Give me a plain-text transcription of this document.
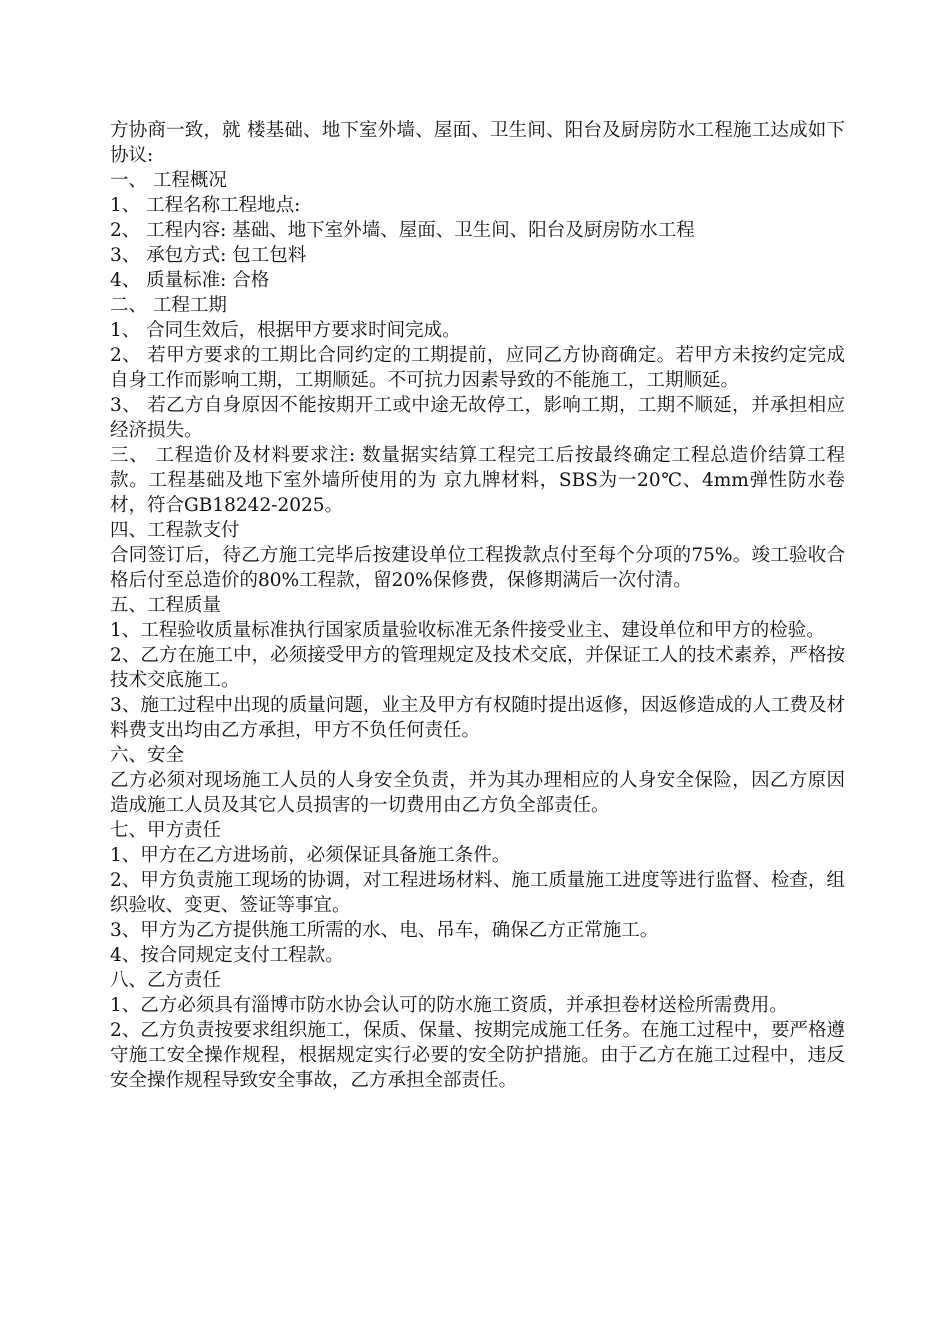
方协商一致，就 楼基础、地下室外墙、屋面、卫生间、阳台及厨房防水工程施工达成如下协议:

一、 工程概况

1、 工程名称工程地点:

2、 工程内容: 基础、地下室外墙、屋面、卫生间、阳台及厨房防水工程

3、 承包方式: 包工包料

4、 质量标准: 合格

二、 工程工期

1、 合同生效后，根据甲方要求时间完成。

2、 若甲方要求的工期比合同约定的工期提前，应同乙方协商确定。若甲方未按约定完成自身工作而影响工期，工期顺延。不可抗力因素导致的不能施工，工期顺延。

3、 若乙方自身原因不能按期开工或中途无故停工，影响工期，工期不顺延，并承担相应经济损失。

三、 工程造价及材料要求注: 数量据实结算工程完工后按最终确定工程总造价结算工程款。工程基础及地下室外墙所使用的为 京九牌材料，SBS为一20℃、4mm弹性防水卷材，符合GB18242-2025。

四、工程款支付

合同签订后，待乙方施工完毕后按建设单位工程拨款点付至每个分项的75%。竣工验收合格后付至总造价的80%工程款，留20%保修费，保修期满后一次付清。

五、工程质量

1、工程验收质量标准执行国家质量验收标准无条件接受业主、建设单位和甲方的检验。

2、乙方在施工中，必须接受甲方的管理规定及技术交底，并保证工人的技术素养，严格按技术交底施工。

3、施工过程中出现的质量问题，业主及甲方有权随时提出返修，因返修造成的人工费及材料费支出均由乙方承担，甲方不负任何责任。

六、安全

乙方必须对现场施工人员的人身安全负责，并为其办理相应的人身安全保险，因乙方原因造成施工人员及其它人员损害的一切费用由乙方负全部责任。

七、甲方责任

1、甲方在乙方进场前，必须保证具备施工条件。

2、甲方负责施工现场的协调，对工程进场材料、施工质量施工进度等进行监督、检查，组织验收、变更、签证等事宜。

3、甲方为乙方提供施工所需的水、电、吊车，确保乙方正常施工。

4、按合同规定支付工程款。

八、乙方责任

1、乙方必须具有淄博市防水协会认可的防水施工资质，并承担卷材送检所需费用。

2、乙方负责按要求组织施工，保质、保量、按期完成施工任务。在施工过程中，要严格遵守施工安全操作规程，根据规定实行必要的安全防护措施。由于乙方在施工过程中，违反安全操作规程导致安全事故，乙方承担全部责任。
